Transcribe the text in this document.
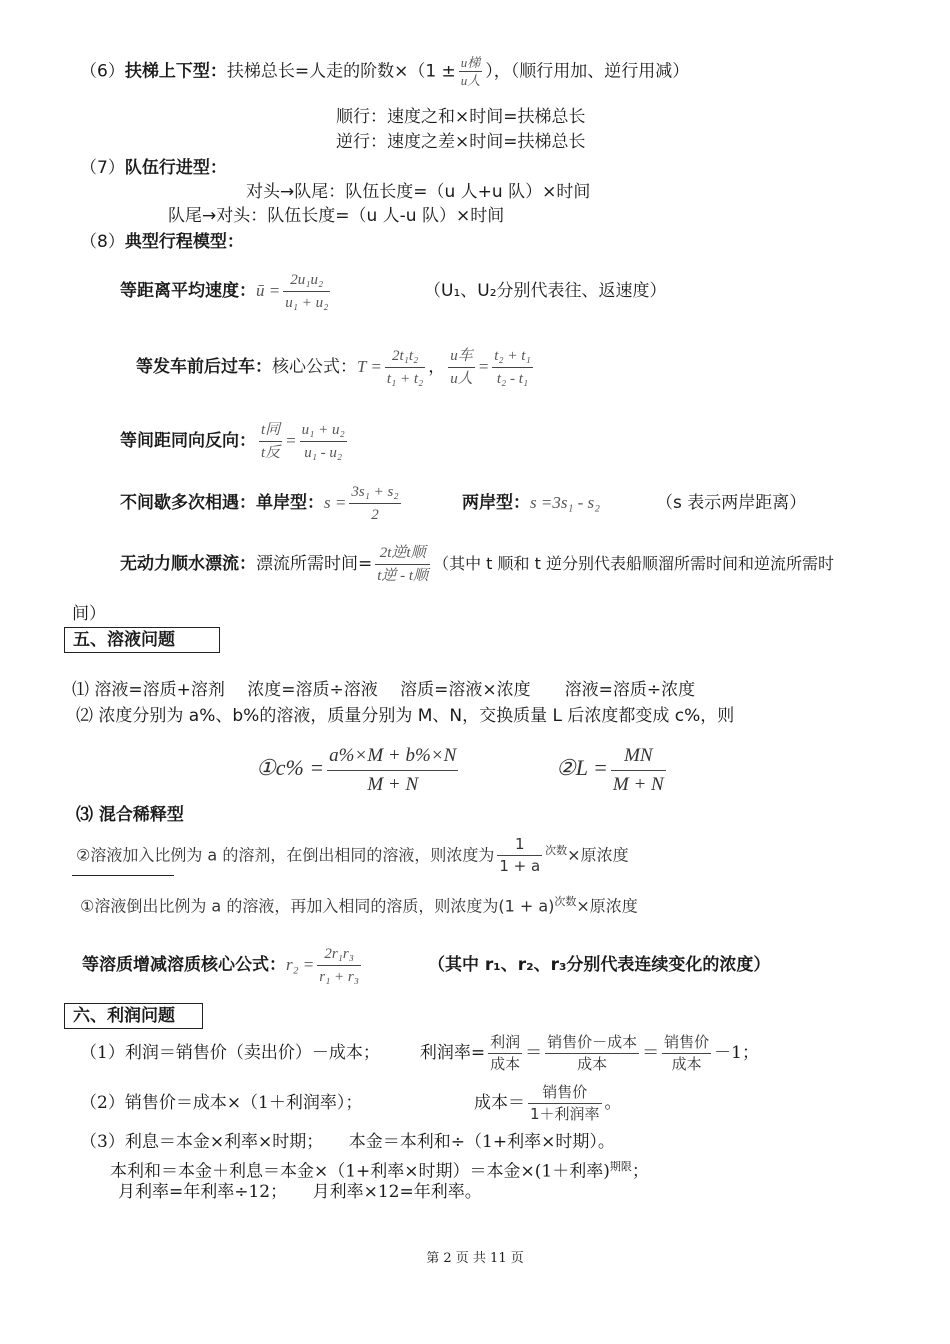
（6）扶梯上下型：扶梯总长=人走的阶数$\times(1 \pm \frac{\text{u梯}}{\text{u人}}$ ），（顺行用加、逆行用减）
顺行：速度之和×时间=扶梯总长
逆行：速度之差×时间=扶梯总长
（7）队伍行进型：
对头→队尾：队伍长度=（u 人+u 队）×时间
队尾→对头：队伍长度=（u 人-u 队）×时间
（8）典型行程模型：
等距离平均速度：ū = $\frac{\text{2u₁u₂}}{\text{u₁ + u₂}}$	（U₁、U₂分别代表往、返速度）
等发车前后过车：核心公式：$T = \frac{\text{2t₁t₂}}{\text{t₁ + t₂}}$ ， $\frac{\text{u车}}{\text{u人}} = \frac{\text{t₂ + t₁}}{\text{t₂ - t₁}}$
等间距同向反向： $\frac{\text{t同}}{\text{t反}} = \frac{\text{u₁ + u₂}}{\text{u₁ - u₂}}$
不间歇多次相遇：单岸型：$s = \frac{\text{3s₁ + s₂}}{2}$	两岸型：s =3s₁ - s₂	（s 表示两岸距离）
无动力顺水漂流：漂流所需时间= $\frac{\text{2t逆t顺}}{\text{t逆 - t顺}}$ （其中 t 顺和 t 逆分别代表船顺溜所需时间和逆流所需时
间）
五、溶液问题
⑴ 溶液=溶质+溶剂　 浓度=溶质÷溶液　 溶质=溶液×浓度　　溶液=溶质÷浓度
⑵ 浓度分别为 a%、b%的溶液，质量分别为 M、N，交换质量 L 后浓度都变成 c%，则
①c% = $\frac{a\%\times M + b\%\times N}{M + N}$	②L = $\frac{MN}{M + N}$
⑶ 混合稀释型
②溶液加入比例为 a 的溶剂，在倒出相同的溶液，则浓度为 $\frac{1}{1 + a} ^{次数}\times$原浓度
①溶液倒出比例为 a 的溶液，再加入相同的溶质，则浓度为$(1 + a)^{次数}\times$原浓度
等溶质增减溶质核心公式：$r_2 = \frac{\text{2r₁r₃}}{\text{r₁ + r₃}}$	（其中 r₁、r₂、r₃分别代表连续变化的浓度）
六、利润问题
（1）利润＝销售价（卖出价）－成本； 利润率= $\frac{\text{利润}}{\text{成本}} = \frac{\text{销售价－成本}}{\text{成本}} = \frac{\text{销售价}}{\text{成本}} -1$；
（2）销售价＝成本×（1＋利润率）；	成本＝ $\frac{\text{销售价}}{\text{1＋利润率}}$ 。
（3）利息＝本金×利率×时期；　　本金＝本利和÷（1+利率×时期）。
本利和＝本金＋利息＝本金×（1+利率×时期）＝本金×(1＋利率)$^{期限}$；
月利率=年利率÷12；　　月利率×12=年利率。
第 2 页 共 11 页
